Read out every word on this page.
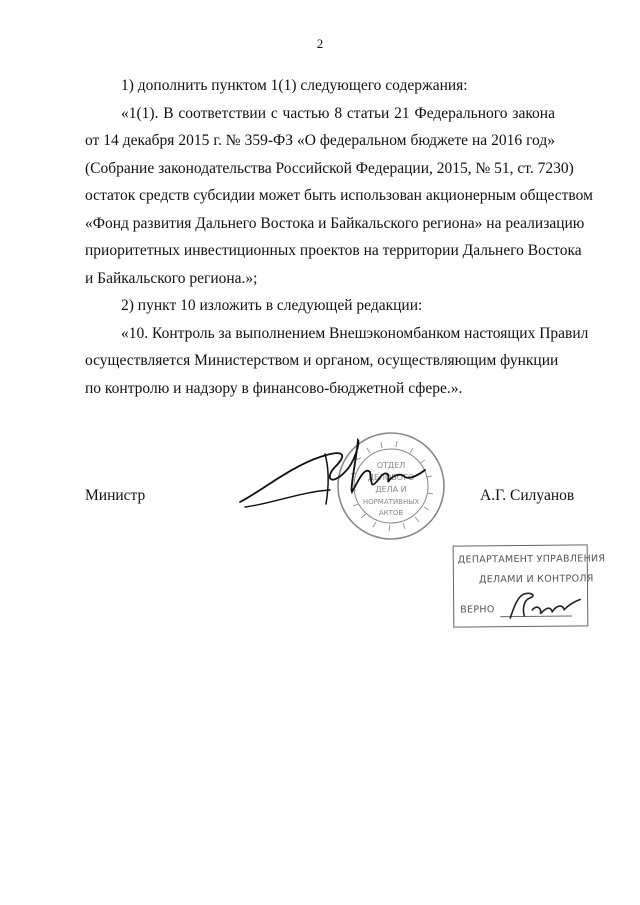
2
1) дополнить пунктом 1(1) следующего содержания:
«1(1). В соответствии с частью 8 статьи 21 Федерального закона
от 14 декабря 2015 г. № 359-ФЗ «О федеральном бюджете на 2016 год»
(Собрание законодательства Российской Федерации, 2015, № 51, ст. 7230)
остаток средств субсидии может быть использован акционерным обществом
«Фонд развития Дальнего Востока и Байкальского региона» на реализацию
приоритетных инвестиционных проектов на территории Дальнего Востока
и Байкальского региона.»;
2) пункт 10 изложить в следующей редакции:
«10. Контроль за выполнением Внешэкономбанком настоящих Правил
осуществляется Министерством и органом, осуществляющим функции
по контролю и надзору в финансово-бюджетной сфере.».
Министр	А.Г. Силуанов
ОТДЕЛ
ДЕЛОВОГО
ДЕЛА И
НОРМАТИВНЫХ
АКТОВ
ДЕПАРТАМЕНТ УПРАВЛЕНИЯ
ДЕЛАМИ И КОНТРОЛЯ
ВЕРНО
